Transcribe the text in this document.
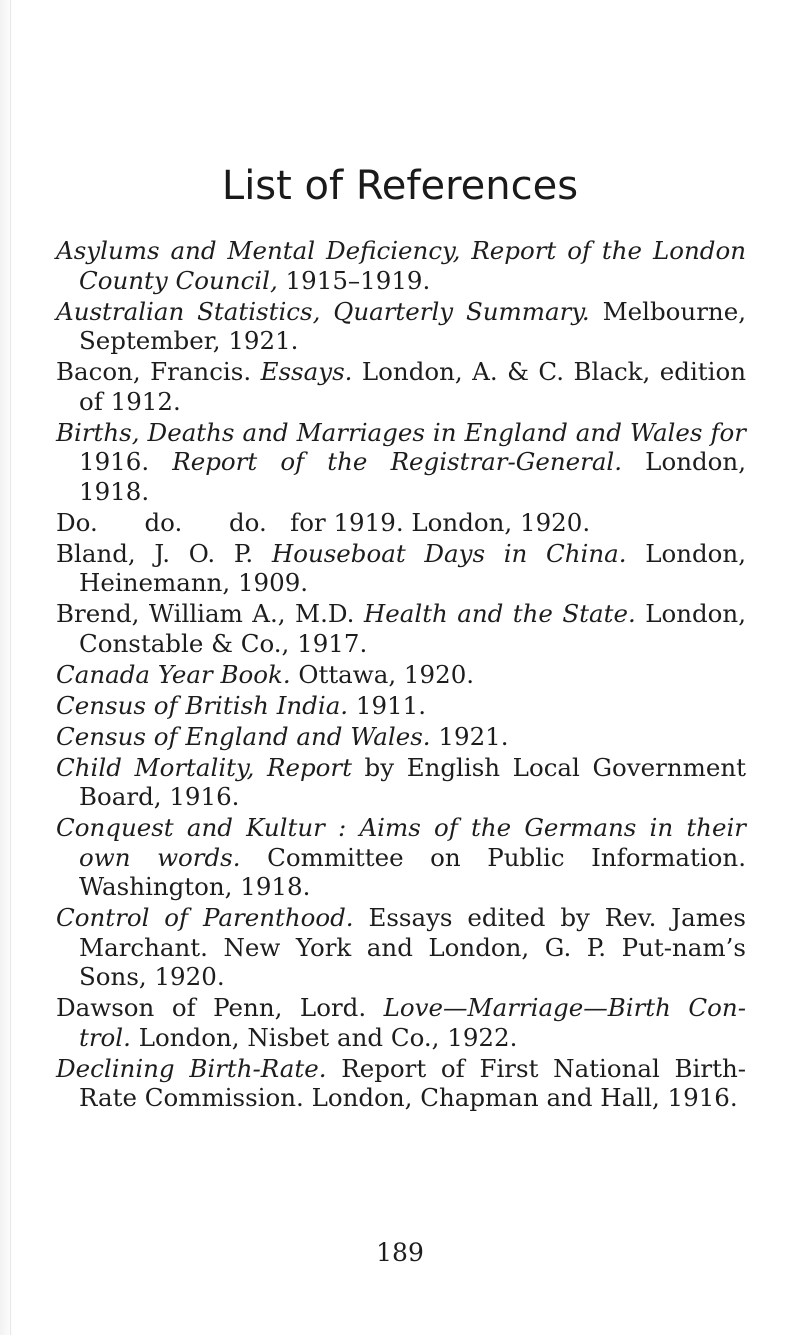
List of References
Asylums and Mental Deficiency, Report of the London County Council, 1915–1919.
Australian Statistics, Quarterly Summary. Melbourne, September, 1921.
Bacon, Francis. Essays. London, A. & C. Black, edition of 1912.
Births, Deaths and Marriages in England and Wales for 1916. Report of the Registrar-General. London, 1918.
Do.      do.      do.   for 1919. London, 1920.
Bland, J. O. P. Houseboat Days in China. London, Heinemann, 1909.
Brend, William A., M.D. Health and the State. London, Constable & Co., 1917.
Canada Year Book. Ottawa, 1920.
Census of British India. 1911.
Census of England and Wales. 1921.
Child Mortality, Report by English Local Government Board, 1916.
Conquest and Kultur : Aims of the Germans in their own words. Committee on Public Information. Washington, 1918.
Control of Parenthood. Essays edited by Rev. James Marchant. New York and London, G. P. Put-nam’s Sons, 1920.
Dawson of Penn, Lord. Love—Marriage—Birth Con-trol. London, Nisbet and Co., 1922.
Declining Birth-Rate. Report of First National Birth-Rate Commission. London, Chapman and Hall, 1916.

189
